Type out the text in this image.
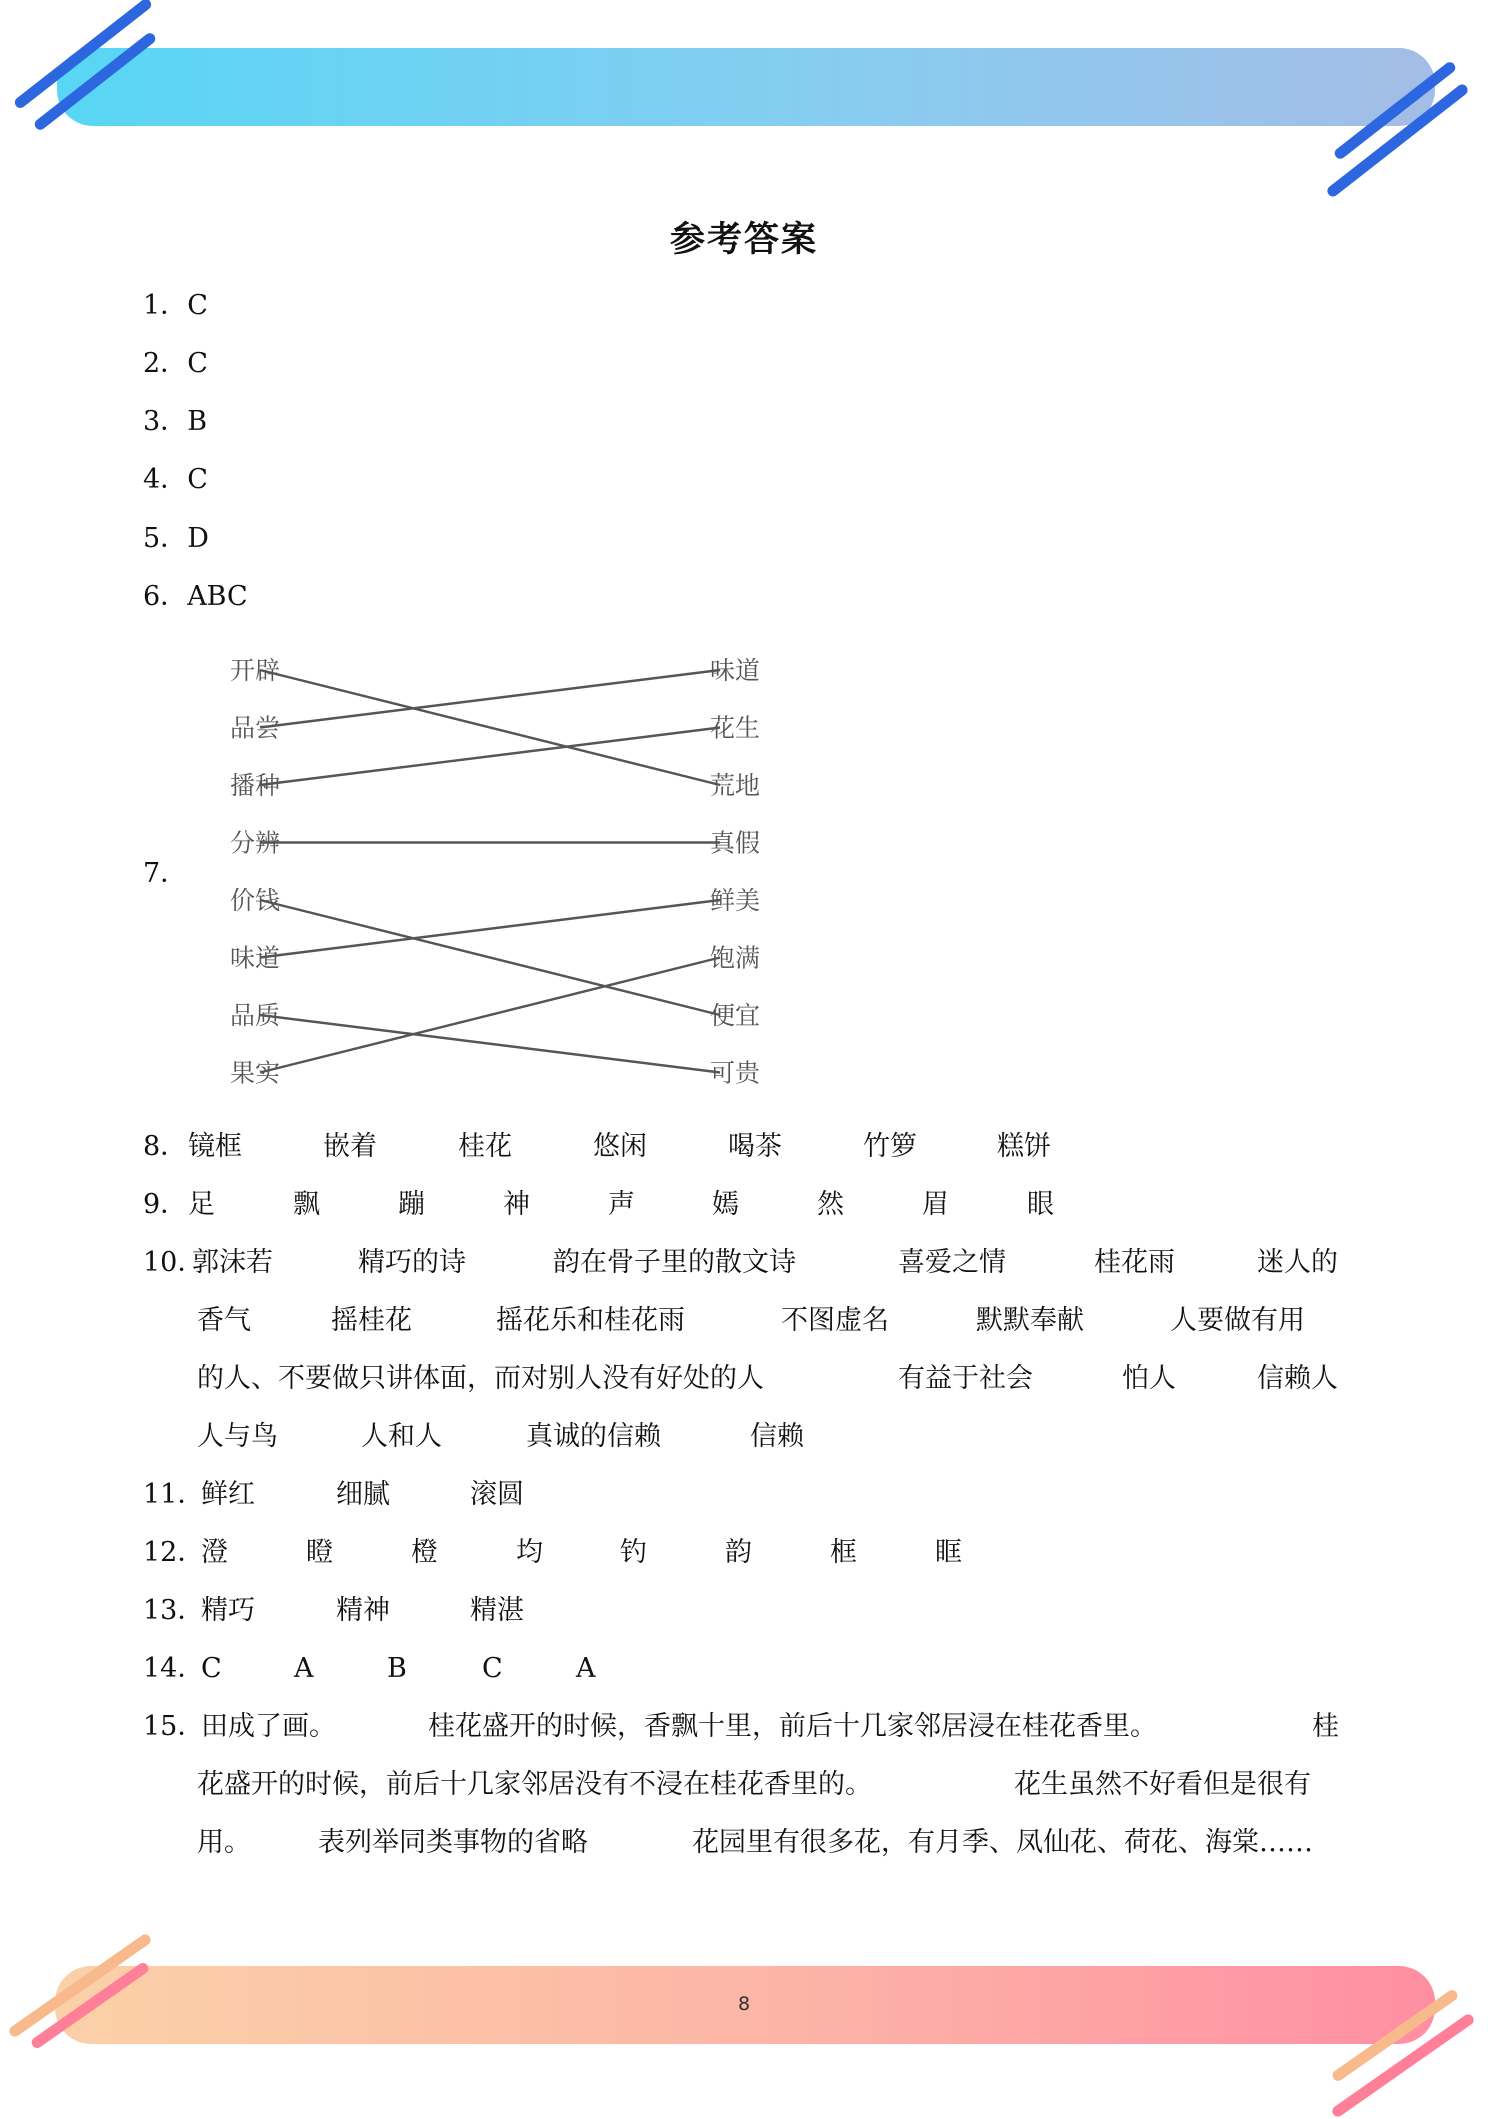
参考答案
1．C
2．C
3．B
4．C
5．D
6．ABC
7．
开辟
品尝
播种
分辨
价钱
味道
品质
果实
味道
花生
荒地
真假
鲜美
饱满
便宜
可贵
8． 镜框	嵌着	桂花	悠闲	喝茶	竹箩	糕饼
9． 足	飘	蹦	神	声	嫣	然	眉	眼
10．
郭沫若	精巧的诗	韵在骨子里的散文诗	喜爱之情	桂花雨	迷人的
香气	摇桂花	摇花乐和桂花雨	不图虚名	默默奉献	人要做有用
的人、不要做只讲体面，而对别人没有好处的人	有益于社会	怕人	信赖人
人与鸟	人和人	真诚的信赖	信赖
11．
鲜红	细腻	滚圆
12．
澄	瞪	橙	均	钓	韵	框	眶
13．
精巧	精神	精湛
14．
C	A	B	C	A
15．
田成了画。	桂花盛开的时候，香飘十里，前后十几家邻居浸在桂花香里。	桂
花盛开的时候，前后十几家邻居没有不浸在桂花香里的。	花生虽然不好看但是很有
用。 表列举同类事物的省略	花园里有很多花，有月季、凤仙花、荷花、海棠……
8
